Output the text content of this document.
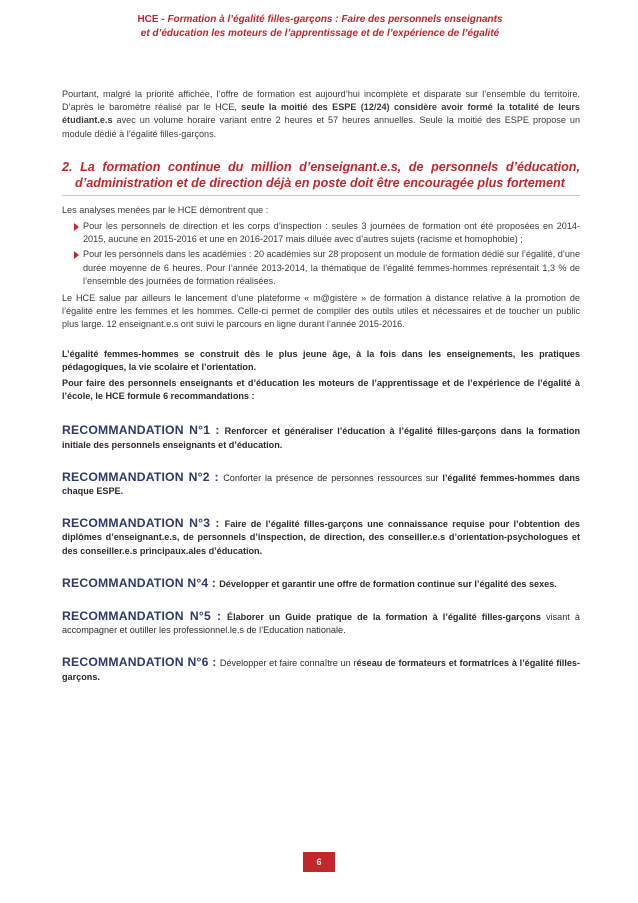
HCE - Formation à l’égalité filles-garçons : Faire des personnels enseignants
et d’éducation les moteurs de l’apprentissage et de l’expérience de l’égalité

Pourtant, malgré la priorité affichée, l’offre de formation est aujourd’hui incomplète et disparate sur l’ensemble du territoire. D’après le baromètre réalisé par le HCE, seule la moitié des ESPE (12/24) considère avoir formé la totalité de leurs étudiant.e.s avec un volume horaire variant entre 2 heures et 57 heures annuelles. Seule la moitié des ESPE propose un module dédié à l’égalité filles-garçons.

2. La formation continue du million d’enseignant.e.s, de personnels d’éducation, d’administration et de direction déjà en poste doit être encouragée plus fortement

Les analyses menées par le HCE démontrent que :

Pour les personnels de direction et les corps d’inspection : seules 3 journées de formation ont été proposées en 2014-2015, aucune en 2015-2016 et une en 2016-2017 mais diluée avec d’autres sujets (racisme et homophobie) ;
Pour les personnels dans les académies : 20 académies sur 28 proposent un module de formation dédié sur l’égalité, d’une durée moyenne de 6 heures. Pour l’année 2013-2014, la thématique de l’égalité femmes-hommes représentait 1,3 % de l’ensemble des journées de formation réalisées.

Le HCE salue par ailleurs le lancement d’une plateforme « m@gistère » de formation à distance relative à la promotion de l’égalité entre les femmes et les hommes. Celle-ci permet de compiler des outils utiles et nécessaires et de toucher un public plus large. 12 enseignant.e.s ont suivi le parcours en ligne durant l’année 2015-2016.

L’égalité femmes-hommes se construit dès le plus jeune âge, à la fois dans les enseignements, les pratiques pédagogiques, la vie scolaire et l’orientation.

Pour faire des personnels enseignants et d’éducation les moteurs de l’apprentissage et de l’expérience de l’égalité à l’école, le HCE formule 6 recommandations :

RECOMMANDATION N°1 : Renforcer et généraliser l’éducation à l’égalité filles-garçons dans la formation initiale des personnels enseignants et d’éducation.

RECOMMANDATION N°2 : Conforter la présence de personnes ressources sur l’égalité femmes-hommes dans chaque ESPE.

RECOMMANDATION N°3 : Faire de l’égalité filles-garçons une connaissance requise pour l’obtention des diplômes d’enseignant.e.s, de personnels d’inspection, de direction, des conseiller.e.s d’orientation-psychologues et des conseiller.e.s principaux.ales d’éducation.

RECOMMANDATION N°4 : Développer et garantir une offre de formation continue sur l’égalité des sexes.

RECOMMANDATION N°5 : Élaborer un Guide pratique de la formation à l’égalité filles-garçons visant à accompagner et outiller les professionnel.le.s de l’Education nationale.

RECOMMANDATION N°6 : Développer et faire connaître un réseau de formateurs et formatrices à l’égalité filles-garçons.

6
